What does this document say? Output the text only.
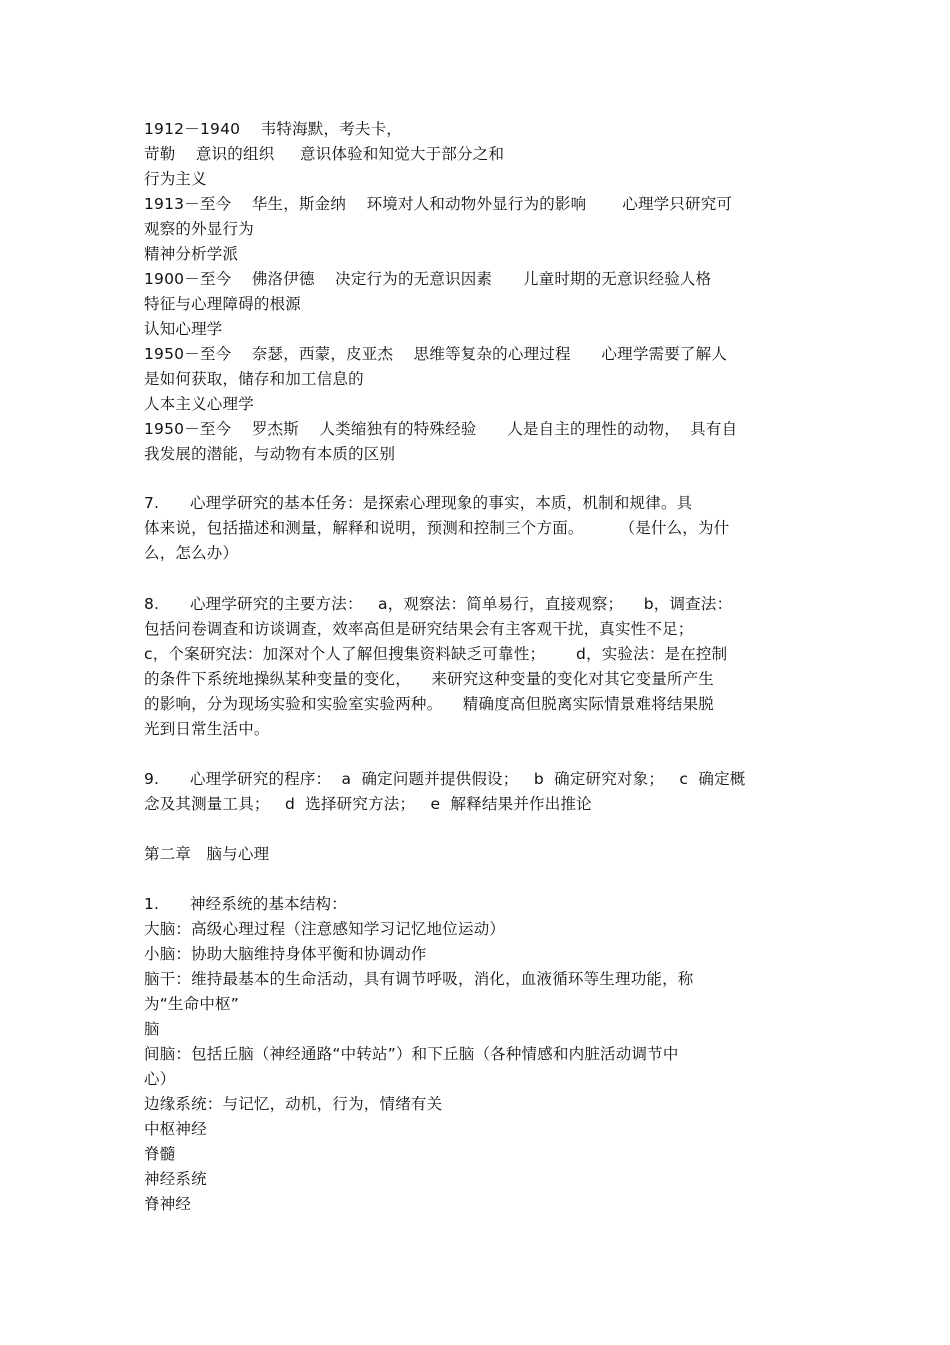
1912－1940    韦特海默，考夫卡，

苛勒    意识的组织     意识体验和知觉大于部分之和

行为主义

1913－至今    华生，斯金纳    环境对人和动物外显行为的影响       心理学只研究可

观察的外显行为

精神分析学派

1900－至今    佛洛伊德    决定行为的无意识因素      儿童时期的无意识经验人格

特征与心理障碍的根源

认知心理学

1950－至今    奈瑟，西蒙，皮亚杰    思维等复杂的心理过程      心理学需要了解人

是如何获取，储存和加工信息的

人本主义心理学

1950－至今    罗杰斯    人类缩独有的特殊经验      人是自主的理性的动物，  具有自

我发展的潜能，与动物有本质的区别

7.      心理学研究的基本任务：是探索心理现象的事实，本质，机制和规律。具

体来说，包括描述和测量，解释和说明，预测和控制三个方面。       （是什么，为什

么，怎么办）

8.      心理学研究的主要方法：   a，观察法：简单易行，直接观察；    b，调查法：

包括问卷调查和访谈调查，效率高但是研究结果会有主客观干扰，真实性不足；

c，个案研究法：加深对个人了解但搜集资料缺乏可靠性；      d，实验法：是在控制

的条件下系统地操纵某种变量的变化，    来研究这种变量的变化对其它变量所产生

的影响，分为现场实验和实验室实验两种。    精确度高但脱离实际情景难将结果脱

光到日常生活中。

9.      心理学研究的程序：  a  确定问题并提供假设；   b  确定研究对象；   c  确定概

念及其测量工具；   d  选择研究方法；   e  解释结果并作出推论

第二章   脑与心理

1.      神经系统的基本结构：

大脑：高级心理过程（注意感知学习记忆地位运动）

小脑：协助大脑维持身体平衡和协调动作

脑干：维持最基本的生命活动，具有调节呼吸，消化，血液循环等生理功能，称

为“生命中枢”

脑

间脑：包括丘脑（神经通路“中转站”）和下丘脑（各种情感和内脏活动调节中

心）

边缘系统：与记忆，动机，行为，情绪有关

中枢神经

脊髓

神经系统

脊神经
